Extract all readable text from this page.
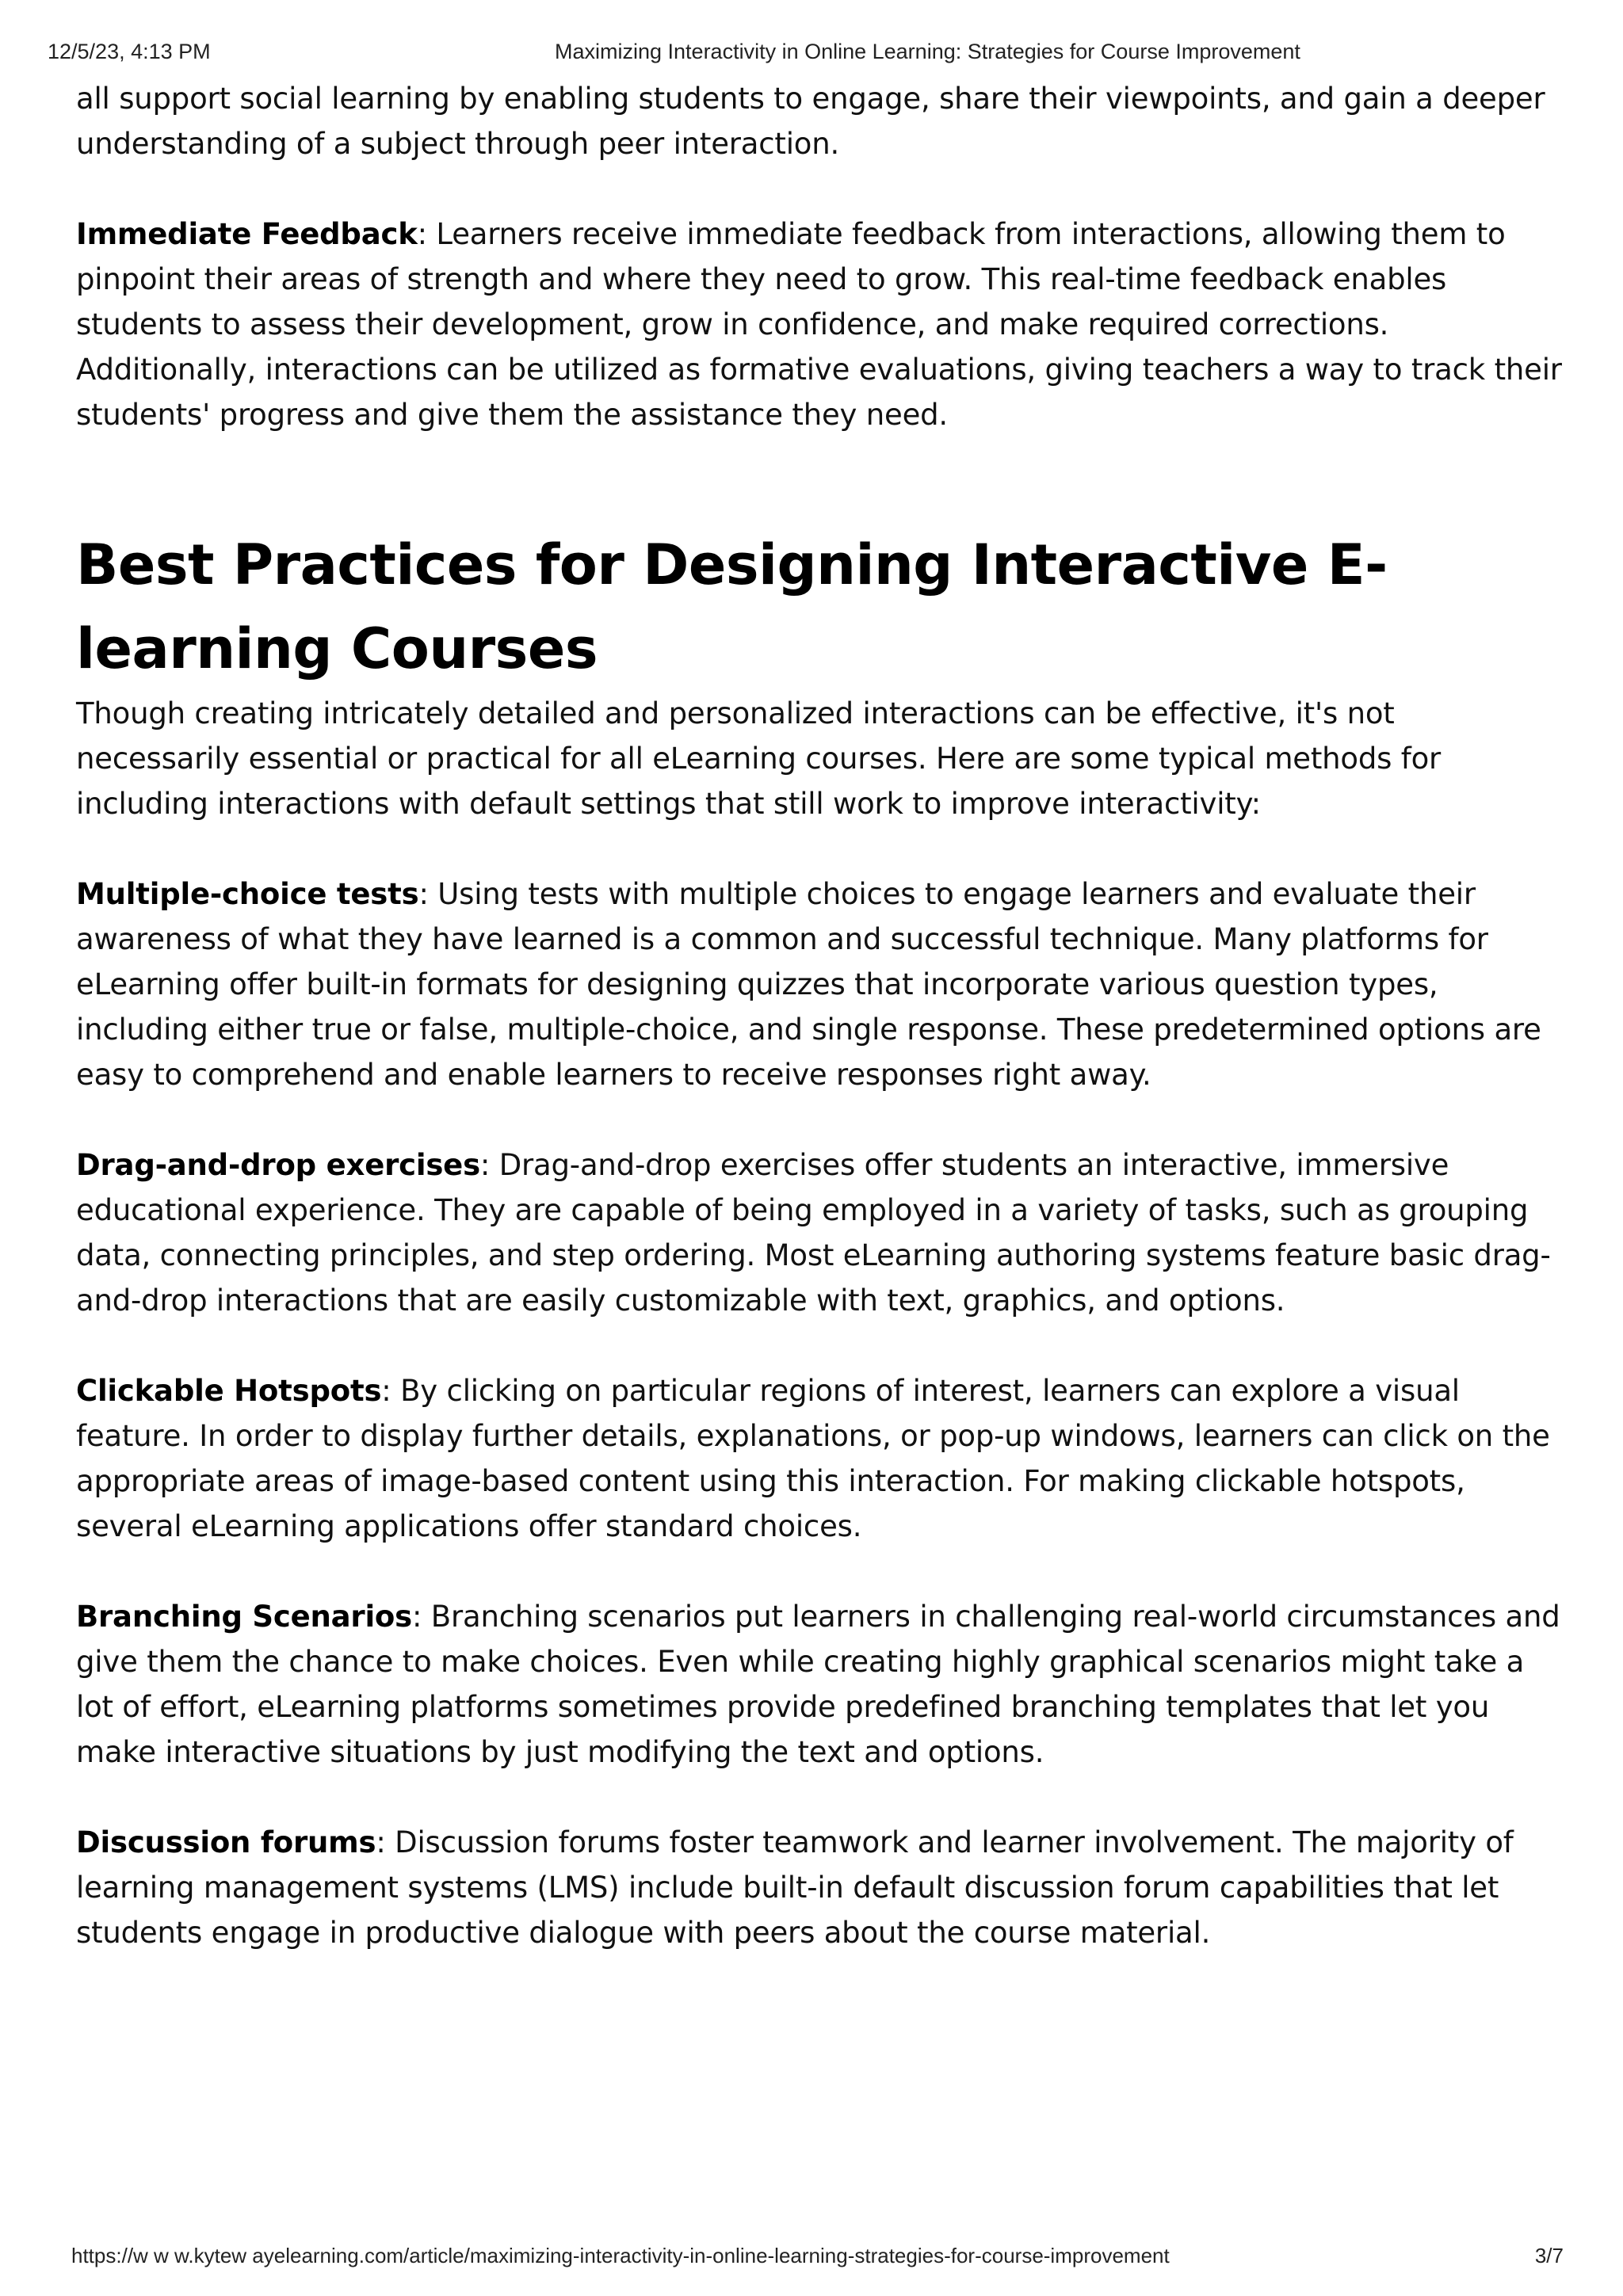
12/5/23, 4:13 PM	Maximizing Interactivity in Online Learning: Strategies for Course Improvement

all support social learning by enabling students to engage, share their viewpoints, and gain a deeper understanding of a subject through peer interaction.

Immediate Feedback: Learners receive immediate feedback from interactions, allowing them to pinpoint their areas of strength and where they need to grow. This real-time feedback enables students to assess their development, grow in confidence, and make required corrections. Additionally, interactions can be utilized as formative evaluations, giving teachers a way to track their students' progress and give them the assistance they need.

Best Practices for Designing Interactive E-learning Courses

Though creating intricately detailed and personalized interactions can be effective, it's not necessarily essential or practical for all eLearning courses. Here are some typical methods for including interactions with default settings that still work to improve interactivity:

Multiple-choice tests: Using tests with multiple choices to engage learners and evaluate their awareness of what they have learned is a common and successful technique. Many platforms for eLearning offer built-in formats for designing quizzes that incorporate various question types, including either true or false, multiple-choice, and single response. These predetermined options are easy to comprehend and enable learners to receive responses right away.

Drag-and-drop exercises: Drag-and-drop exercises offer students an interactive, immersive educational experience. They are capable of being employed in a variety of tasks, such as grouping data, connecting principles, and step ordering. Most eLearning authoring systems feature basic drag-and-drop interactions that are easily customizable with text, graphics, and options.

Clickable Hotspots: By clicking on particular regions of interest, learners can explore a visual feature. In order to display further details, explanations, or pop-up windows, learners can click on the appropriate areas of image-based content using this interaction. For making clickable hotspots, several eLearning applications offer standard choices.

Branching Scenarios: Branching scenarios put learners in challenging real-world circumstances and give them the chance to make choices. Even while creating highly graphical scenarios might take a lot of effort, eLearning platforms sometimes provide predefined branching templates that let you make interactive situations by just modifying the text and options.

Discussion forums: Discussion forums foster teamwork and learner involvement. The majority of learning management systems (LMS) include built-in default discussion forum capabilities that let students engage in productive dialogue with peers about the course material.

https://w w w.kytew ayelearning.com/article/maximizing-interactivity-in-online-learning-strategies-for-course-improvement	3/7
